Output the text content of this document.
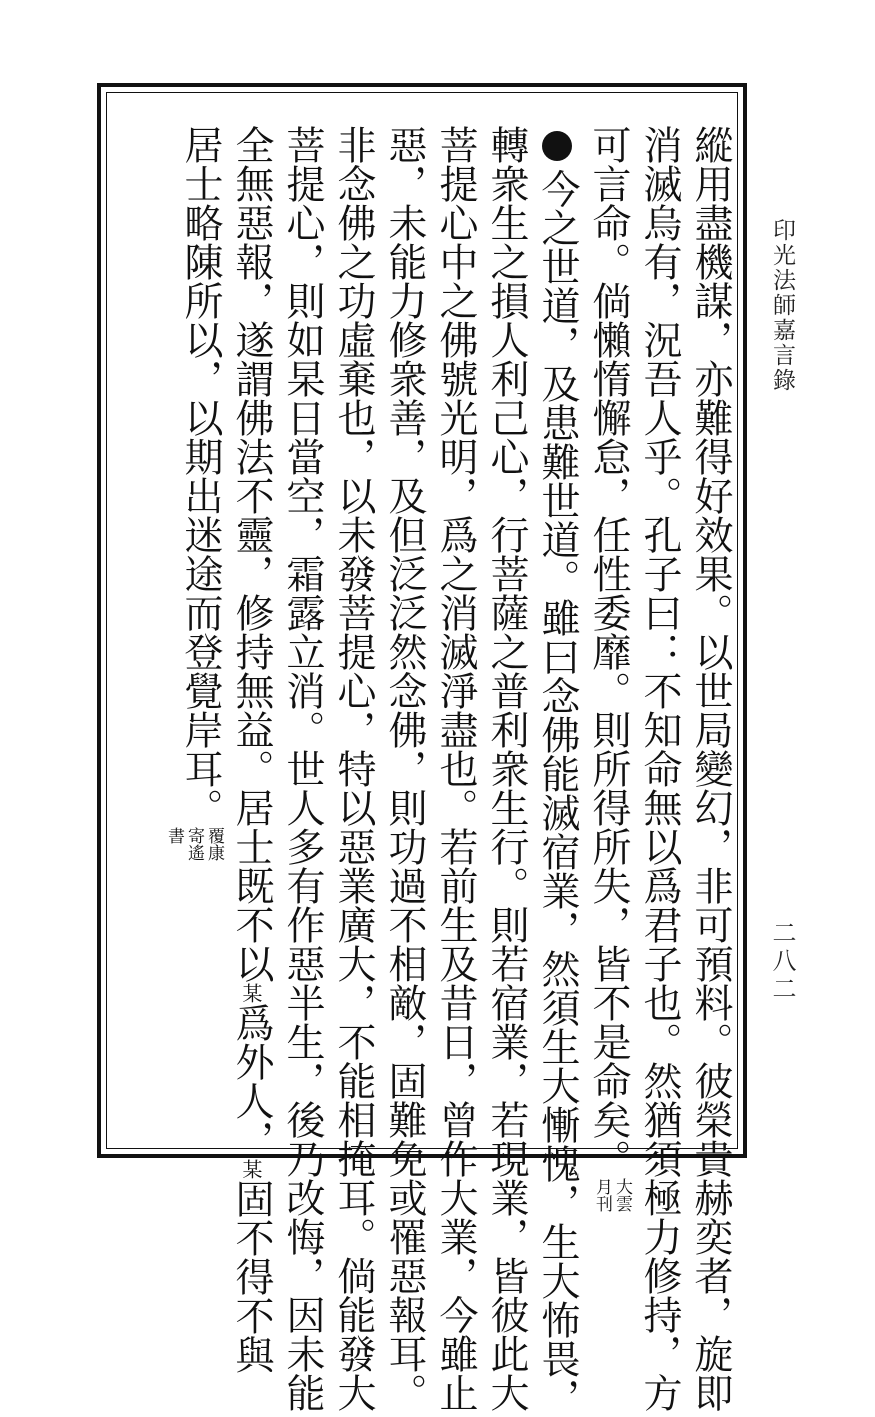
印光法師嘉言錄
二八二
縱用盡機謀，亦難得好效果。以世局變幻，非可預料。彼榮貴赫奕者，旋即
消滅烏有，況吾人乎。孔子曰：不知命無以爲君子也。然猶須極力修持，方
可言命。倘懶惰懈怠，任性委靡。則所得所失，皆不是命矣。大雲月刊
今之世道，及患難世道。雖曰念佛能滅宿業，然須生大慚愧，生大怖畏，
轉衆生之損人利己心，行菩薩之普利衆生行。則若宿業，若現業，皆彼此大
菩提心中之佛號光明，爲之消滅淨盡也。若前生及昔日，曾作大業，今雖止
惡，未能力修衆善，及但泛泛然念佛，則功過不相敵，固難免或罹惡報耳。
非念佛之功虛棄也，以未發菩提心，特以惡業廣大，不能相掩耳。倘能發大
菩提心，則如杲日當空，霜露立消。世人多有作惡半生，後乃改悔，因未能
全無惡報，遂謂佛法不靈，修持無益。居士既不以某爲外人，某固不得不與
居士略陳所以，以期出迷途而登覺岸耳。覆康寄遙書
